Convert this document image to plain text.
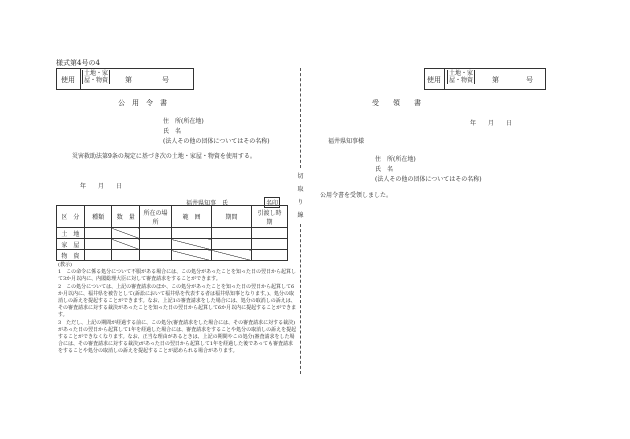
様式第4号の4
使用
土地・家
屋・物資 第	号
公　用　令　書
住　所(所在地)
氏　名
(法人その他の団体についてはその名称)
災害救助法第9条の規定に基づき次の土地・家屋・物資を使用する。
年　　月　　日
福井県知事　氏	名印
区　分	種類	数　量	所在の場　所	範　囲	期間	引渡し時　期
土　地						
家　屋						
物　資						

(教示)

1　この命令に係る処分について不服がある場合には、この処分があったことを知った日の翌日から起算して3か月以内に、内閣総理大臣に対して審査請求をすることができます。

2　この処分については、上記の審査請求のほか、この処分があったことを知った日の翌日から起算して6か月以内に、福井県を被告として(訴訟において福井県を代表する者は福井県知事となります。)、処分の取消しの訴えを提起することができます。なお、上記1の審査請求をした場合には、処分の取消しの訴えは、その審査請求に対する裁決があったことを知った日の翌日から起算して6か月以内に提起することができます。

3　ただし、上記の期間が経過する前に、この処分(審査請求をした場合には、その審査請求に対する裁決)があった日の翌日から起算して1年を経過した場合には、審査請求をすることや処分の取消しの訴えを提起することができなくなります。なお、正当な理由があるときは、上記の期間やこの処分(審査請求をした場合には、その審査請求に対する裁決)があった日の翌日から起算して1年を経過した後であっても審査請求をすることや処分の取消しの訴えを提起することが認められる場合があります。

切
取
り
線
使用
土地・家
屋・物資	第	号
受　　領　　書
年　　月　　日
福井県知事様
住　所(所在地)
氏　名
(法人その他の団体についてはその名称)
公用令書を受領しました。
